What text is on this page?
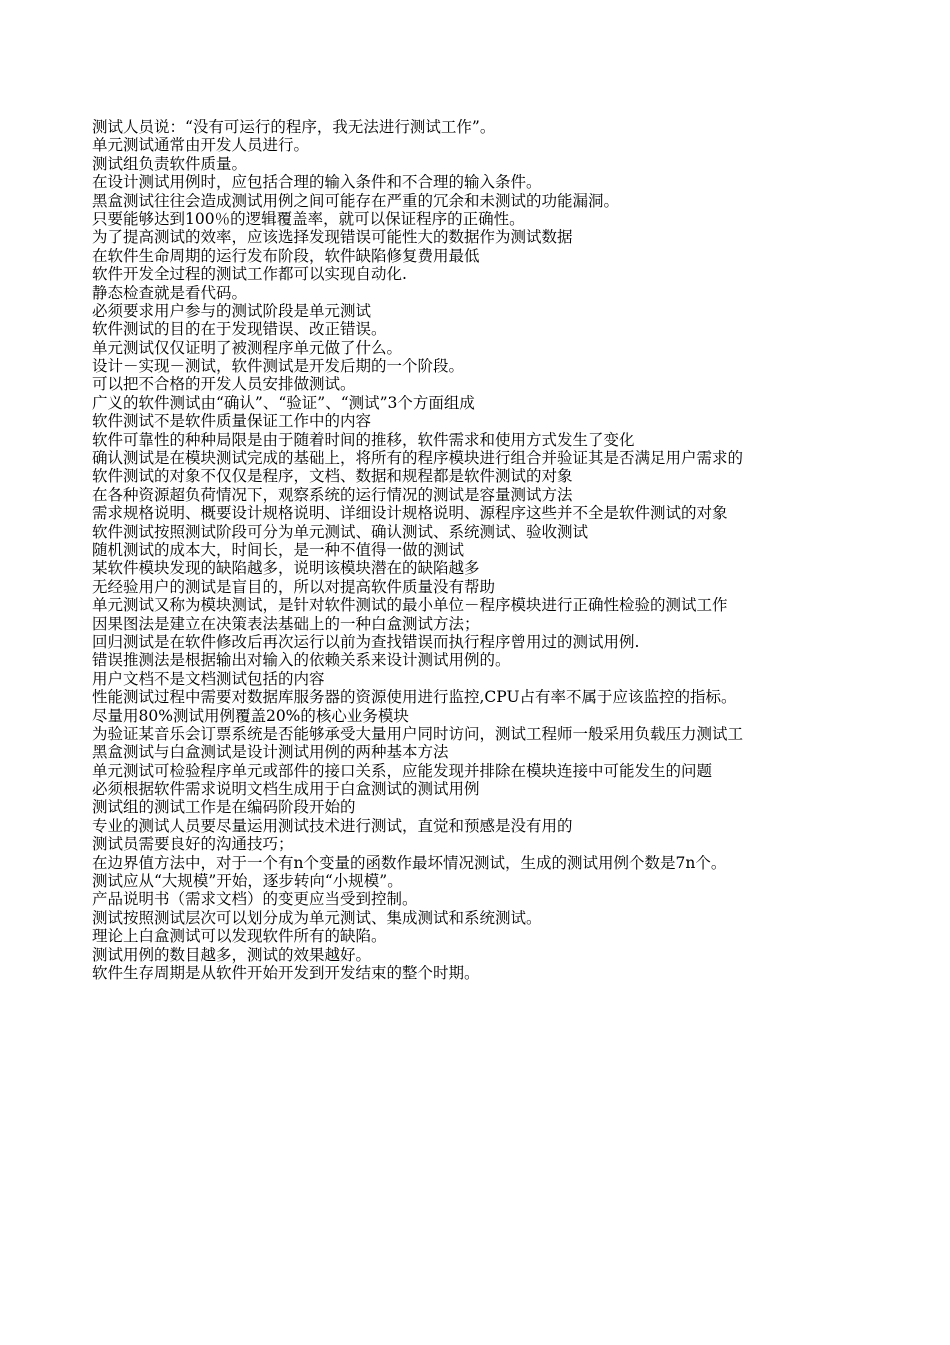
测试人员说：“没有可运行的程序，我无法进行测试工作”。
单元测试通常由开发人员进行。
测试组负责软件质量。
在设计测试用例时，应包括合理的输入条件和不合理的输入条件。
黑盒测试往往会造成测试用例之间可能存在严重的冗余和未测试的功能漏洞。
只要能够达到100％的逻辑覆盖率，就可以保证程序的正确性。
为了提高测试的效率，应该选择发现错误可能性大的数据作为测试数据
在软件生命周期的运行发布阶段，软件缺陷修复费用最低
软件开发全过程的测试工作都可以实现自动化.
静态检查就是看代码。
必须要求用户参与的测试阶段是单元测试
软件测试的目的在于发现错误、改正错误。
单元测试仅仅证明了被测程序单元做了什么。
设计－实现－测试，软件测试是开发后期的一个阶段。
可以把不合格的开发人员安排做测试。
广义的软件测试由“确认”、“验证”、“测试”3个方面组成
软件测试不是软件质量保证工作中的内容
软件可靠性的种种局限是由于随着时间的推移，软件需求和使用方式发生了变化
确认测试是在模块测试完成的基础上，将所有的程序模块进行组合并验证其是否满足用户需求的
软件测试的对象不仅仅是程序，文档、数据和规程都是软件测试的对象
在各种资源超负荷情况下，观察系统的运行情况的测试是容量测试方法
需求规格说明、概要设计规格说明、详细设计规格说明、源程序这些并不全是软件测试的对象
软件测试按照测试阶段可分为单元测试、确认测试、系统测试、验收测试
随机测试的成本大，时间长，是一种不值得一做的测试
某软件模块发现的缺陷越多，说明该模块潜在的缺陷越多
无经验用户的测试是盲目的，所以对提高软件质量没有帮助
单元测试又称为模块测试，是针对软件测试的最小单位－程序模块进行正确性检验的测试工作
因果图法是建立在决策表法基础上的一种白盒测试方法；
回归测试是在软件修改后再次运行以前为查找错误而执行程序曾用过的测试用例.
错误推测法是根据输出对输入的依赖关系来设计测试用例的。
用户文档不是文档测试包括的内容
性能测试过程中需要对数据库服务器的资源使用进行监控,CPU占有率不属于应该监控的指标。
尽量用80%测试用例覆盖20%的核心业务模块
为验证某音乐会订票系统是否能够承受大量用户同时访问，测试工程师一般采用负载压力测试工
黑盒测试与白盒测试是设计测试用例的两种基本方法
单元测试可检验程序单元或部件的接口关系，应能发现并排除在模块连接中可能发生的问题
必须根据软件需求说明文档生成用于白盒测试的测试用例
测试组的测试工作是在编码阶段开始的
专业的测试人员要尽量运用测试技术进行测试，直觉和预感是没有用的
测试员需要良好的沟通技巧；
在边界值方法中，对于一个有n个变量的函数作最坏情况测试，生成的测试用例个数是7n个。
测试应从“大规模”开始，逐步转向“小规模”。
产品说明书（需求文档）的变更应当受到控制。
测试按照测试层次可以划分成为单元测试、集成测试和系统测试。
理论上白盒测试可以发现软件所有的缺陷。
测试用例的数目越多，测试的效果越好。
软件生存周期是从软件开始开发到开发结束的整个时期。
